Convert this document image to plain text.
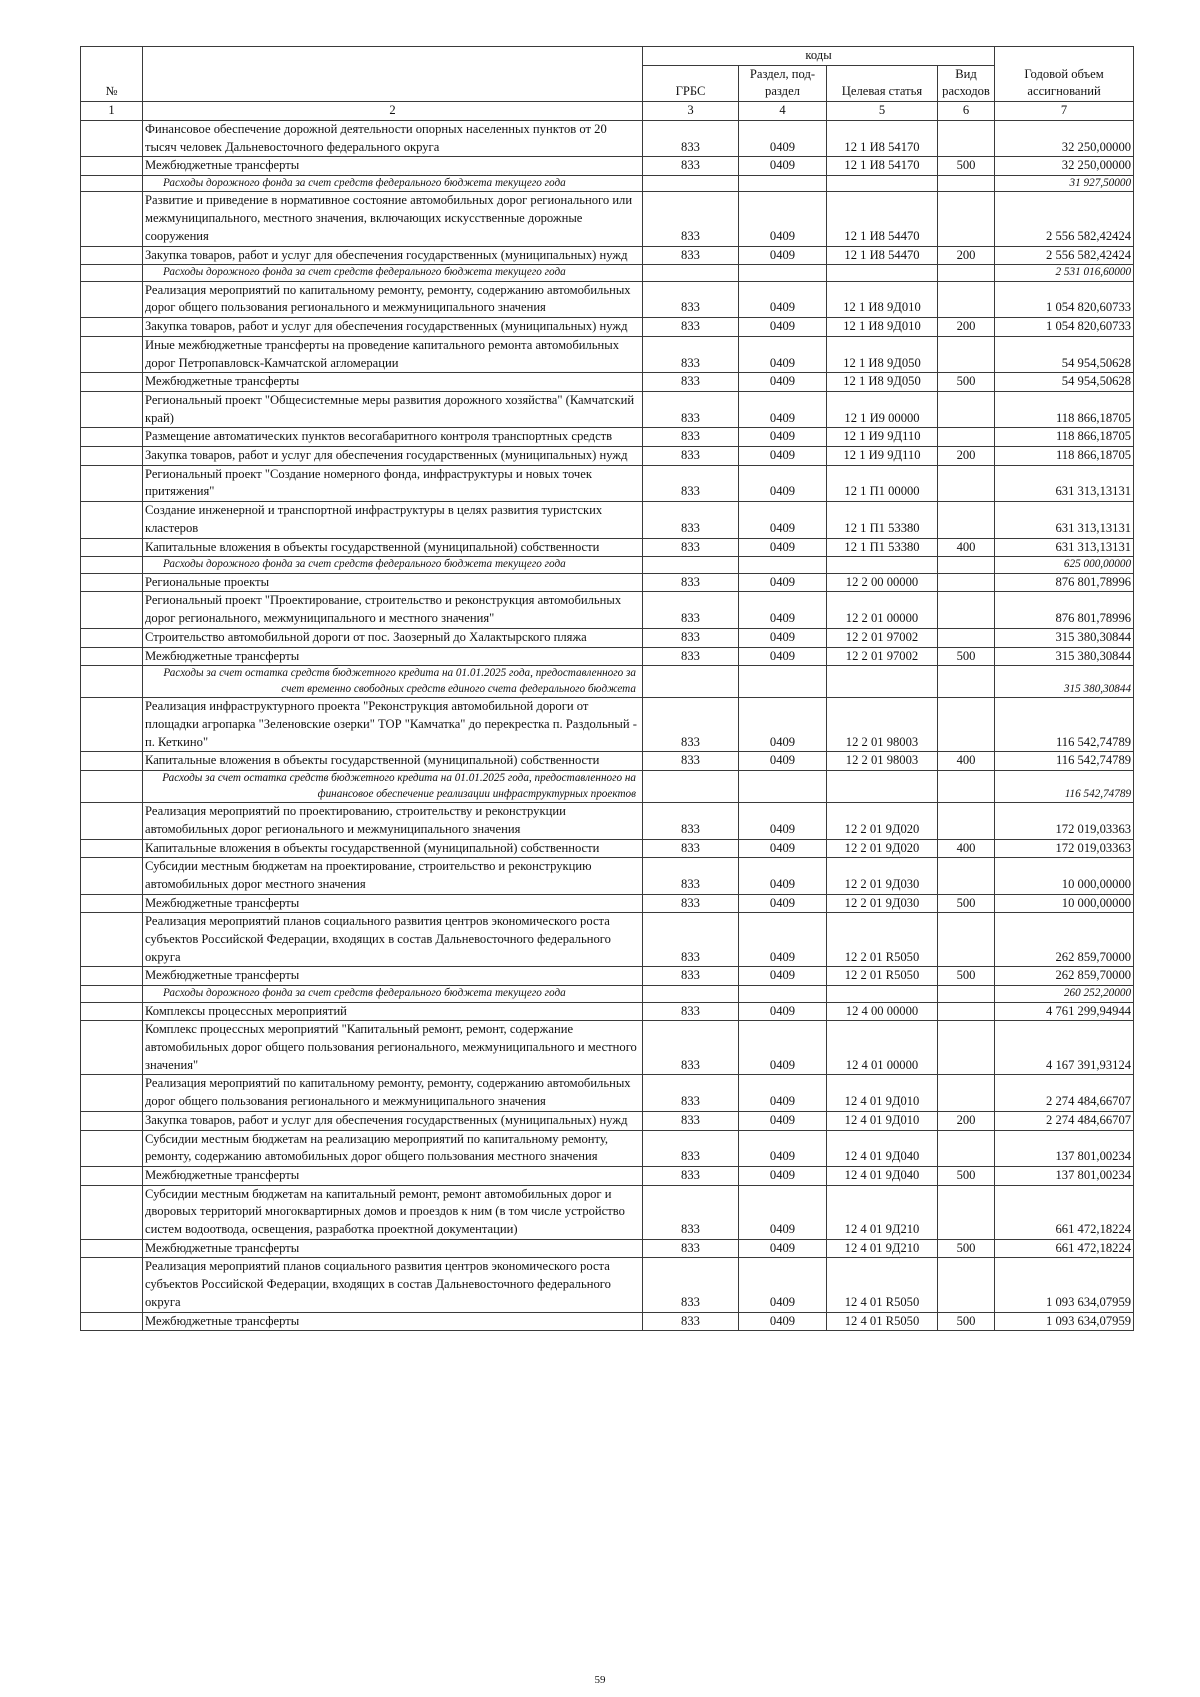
№		коды				Годовой объем ассигнований
		ГРБС	Раздел, под-раздел	Целевая статья	Вид расходов	
1	2	3	4	5	6	7
	Финансовое обеспечение дорожной деятельности опорных населенных пунктов от 20 тысяч человек Дальневосточного федерального округа	833	0409	12 1 И8 54170		32 250,00000
	Межбюджетные трансферты	833	0409	12 1 И8 54170	500	32 250,00000
	Расходы дорожного фонда за счет средств федерального бюджета текущего года					31 927,50000
	Развитие и приведение в нормативное состояние автомобильных дорог регионального или межмуниципального, местного значения, включающих искусственные дорожные сооружения	833	0409	12 1 И8 54470		2 556 582,42424
	Закупка товаров, работ и услуг для обеспечения государственных (муниципальных) нужд	833	0409	12 1 И8 54470	200	2 556 582,42424
	Расходы дорожного фонда за счет средств федерального бюджета текущего года					2 531 016,60000
	Реализация мероприятий по капитальному ремонту, ремонту, содержанию автомобильных дорог общего пользования регионального и межмуниципального значения	833	0409	12 1 И8 9Д010		1 054 820,60733
	Закупка товаров, работ и услуг для обеспечения государственных (муниципальных) нужд	833	0409	12 1 И8 9Д010	200	1 054 820,60733
	Иные межбюджетные трансферты на проведение капитального ремонта автомобильных дорог Петропавловск-Камчатской агломерации	833	0409	12 1 И8 9Д050		54 954,50628
	Межбюджетные трансферты	833	0409	12 1 И8 9Д050	500	54 954,50628
	Региональный проект "Общесистемные меры развития дорожного хозяйства" (Камчатский край)	833	0409	12 1 И9 00000		118 866,18705
	Размещение автоматических пунктов весогабаритного контроля транспортных средств	833	0409	12 1 И9 9Д110		118 866,18705
	Закупка товаров, работ и услуг для обеспечения государственных (муниципальных) нужд	833	0409	12 1 И9 9Д110	200	118 866,18705
	Региональный проект "Создание номерного фонда, инфраструктуры и новых точек притяжения"	833	0409	12 1 П1 00000		631 313,13131
	Создание инженерной и транспортной инфраструктуры в целях развития туристских кластеров	833	0409	12 1 П1 53380		631 313,13131
	Капитальные вложения в объекты государственной (муниципальной) собственности	833	0409	12 1 П1 53380	400	631 313,13131
	Расходы дорожного фонда за счет средств федерального бюджета текущего года					625 000,00000
	Региональные проекты	833	0409	12 2 00 00000		876 801,78996
	Региональный проект "Проектирование, строительство и реконструкция автомобильных дорог регионального, межмуниципального и местного значения"	833	0409	12 2 01 00000		876 801,78996
	Строительство автомобильной дороги от пос. Заозерный до Халактырского пляжа	833	0409	12 2 01 97002		315 380,30844
	Межбюджетные трансферты	833	0409	12 2 01 97002	500	315 380,30844
	Расходы за счет остатка средств бюджетного кредита на 01.01.2025 года, предоставленного за счет временно свободных средств единого счета федерального бюджета					315 380,30844
	Реализация инфраструктурного проекта "Реконструкция автомобильной дороги от площадки агропарка "Зеленовские озерки" ТОР "Камчатка" до перекрестка п. Раздольный - п. Кеткино"	833	0409	12 2 01 98003		116 542,74789
	Капитальные вложения в объекты государственной (муниципальной) собственности	833	0409	12 2 01 98003	400	116 542,74789
	Расходы за счет остатка средств бюджетного кредита на 01.01.2025 года, предоставленного на финансовое обеспечение реализации инфраструктурных проектов					116 542,74789
	Реализация мероприятий по проектированию, строительству и реконструкции автомобильных дорог регионального и межмуниципального значения	833	0409	12 2 01 9Д020		172 019,03363
	Капитальные вложения в объекты государственной (муниципальной) собственности	833	0409	12 2 01 9Д020	400	172 019,03363
	Субсидии местным бюджетам на проектирование, строительство и реконструкцию автомобильных дорог местного значения	833	0409	12 2 01 9Д030		10 000,00000
	Межбюджетные трансферты	833	0409	12 2 01 9Д030	500	10 000,00000
	Реализация мероприятий планов социального развития центров экономического роста субъектов Российской Федерации, входящих в состав Дальневосточного федерального округа	833	0409	12 2 01 R5050		262 859,70000
	Межбюджетные трансферты	833	0409	12 2 01 R5050	500	262 859,70000
	Расходы дорожного фонда за счет средств федерального бюджета текущего года					260 252,20000
	Комплексы процессных мероприятий	833	0409	12 4 00 00000		4 761 299,94944
	Комплекс процессных мероприятий "Капитальный ремонт, ремонт, содержание автомобильных дорог общего пользования регионального, межмуниципального и местного значения"	833	0409	12 4 01 00000		4 167 391,93124
	Реализация мероприятий по капитальному ремонту, ремонту, содержанию автомобильных дорог общего пользования регионального и межмуниципального значения	833	0409	12 4 01 9Д010		2 274 484,66707
	Закупка товаров, работ и услуг для обеспечения государственных (муниципальных) нужд	833	0409	12 4 01 9Д010	200	2 274 484,66707
	Субсидии местным бюджетам на реализацию мероприятий по капитальному ремонту, ремонту, содержанию автомобильных дорог общего пользования местного значения	833	0409	12 4 01 9Д040		137 801,00234
	Межбюджетные трансферты	833	0409	12 4 01 9Д040	500	137 801,00234
	Субсидии местным бюджетам на капитальный ремонт, ремонт автомобильных дорог и дворовых территорий многоквартирных домов и проездов к ним (в том числе устройство систем водоотвода, освещения, разработка проектной документации)	833	0409	12 4 01 9Д210		661 472,18224
	Межбюджетные трансферты	833	0409	12 4 01 9Д210	500	661 472,18224
	Реализация мероприятий планов социального развития центров экономического роста субъектов Российской Федерации, входящих в состав Дальневосточного федерального округа	833	0409	12 4 01 R5050		1 093 634,07959
	Межбюджетные трансферты	833	0409	12 4 01 R5050	500	1 093 634,07959
59
